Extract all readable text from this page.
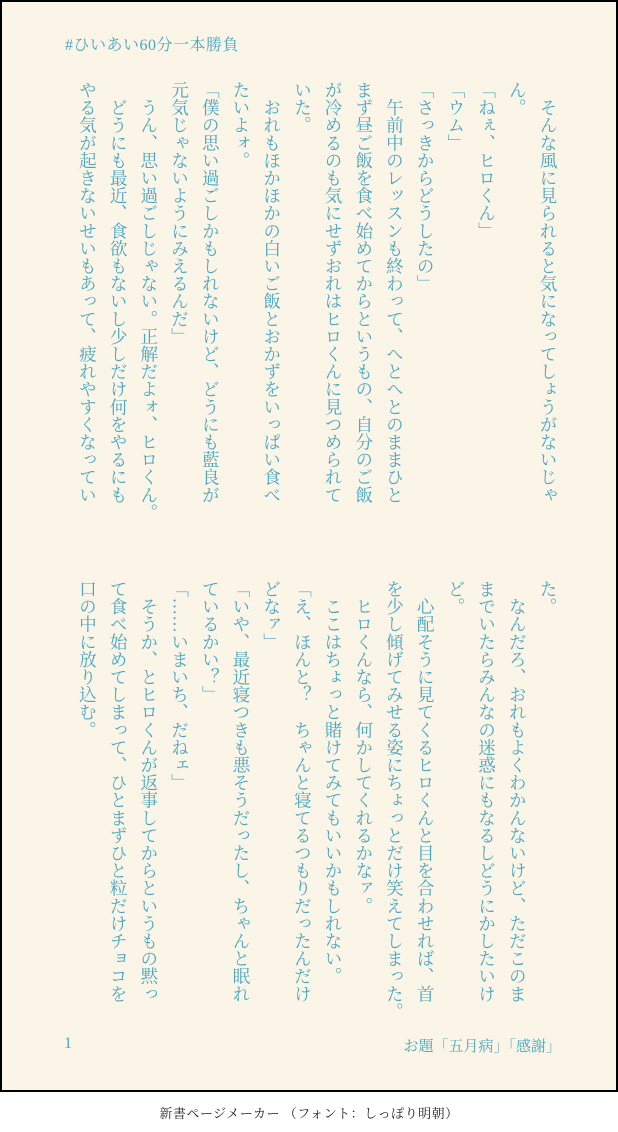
#ひいあい60分一本勝負
　そんな風に見られると気になってしょうがないじゃ
ん。
「ねぇ、ヒロくん」
「ウム」
「さっきからどうしたの」
　午前中のレッスンも終わって、へとへとのままひと
まず昼ご飯を食べ始めてからというもの、自分のご飯
が冷めるのも気にせずおれはヒロくんに見つめられて
いた。
　おれもほかほかの白いご飯とおかずをいっぱい食べ
たいよォ。
「僕の思い過ごしかもしれないけど、どうにも藍良が
元気じゃないようにみえるんだ」
　うん、思い過ごしじゃない。正解だよォ、ヒロくん。
　どうにも最近、食欲もないし少しだけ何をやるにも
やる気が起きないせいもあって、疲れやすくなってい
た。
　なんだろ、おれもよくわかんないけど、ただこのま
までいたらみんなの迷惑にもなるしどうにかしたいけ
ど。
　心配そうに見てくるヒロくんと目を合わせれば、首
を少し傾げてみせる姿にちょっとだけ笑えてしまった。
　ヒロくんなら、何かしてくれるかなァ。
　ここはちょっと賭けてみてもいいかもしれない。
「え、ほんと？　ちゃんと寝てるつもりだったんだけ
どなァ」
「いや、最近寝つきも悪そうだったし、ちゃんと眠れ
ているかい？」
「……いまいち、だねェ」
　そうか、とヒロくんが返事してからというもの黙っ
て食べ始めてしまって、ひとまずひと粒だけチョコを
口の中に放り込む。
1	お題「五月病」「感謝」
新書ページメーカー （フォント：しっぽり明朝）
